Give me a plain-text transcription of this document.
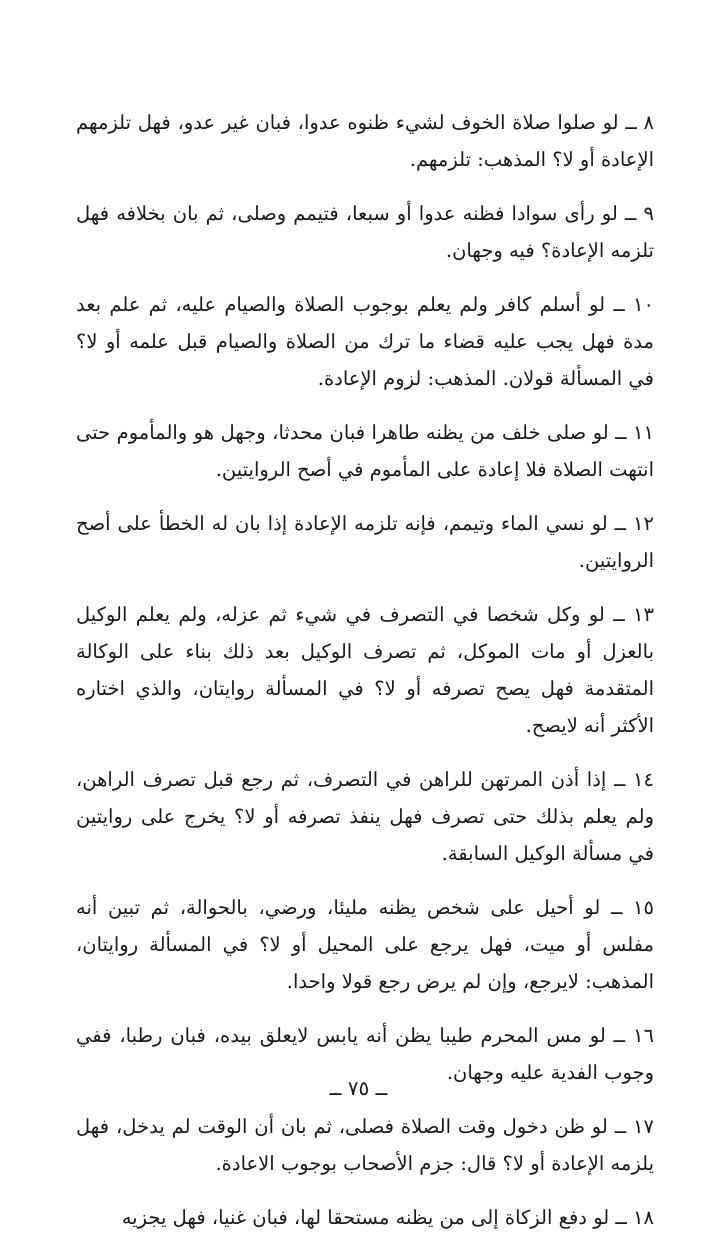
٨ ــ لو صلوا صلاة الخوف لشيء ظنوه عدوا، فبان غير عدو، فهل تلزمهم الإعادة أو لا؟ المذهب: تلزمهم.

٩ ــ لو رأى سوادا فظنه عدوا أو سبعا، فتيمم وصلى، ثم بان بخلافه فهل تلزمه الإعادة؟ فيه وجهان.

١٠ ــ لو أسلم كافر ولم يعلم بوجوب الصلاة والصيام عليه، ثم علم بعد مدة فهل يجب عليه قضاء ما ترك من الصلاة والصيام قبل علمه أو لا؟ في المسألة قولان. المذهب: لزوم الإعادة.

١١ ــ لو صلى خلف من يظنه طاهرا فبان محدثا، وجهل هو والمأموم حتى انتهت الصلاة فلا إعادة على المأموم في أصح الروايتين.

١٢ ــ لو نسي الماء وتيمم، فإنه تلزمه الإعادة إذا بان له الخطأ على أصح الروايتين.

١٣ ــ لو وكل شخصا في التصرف في شيء ثم عزله، ولم يعلم الوكيل بالعزل أو مات الموكل، ثم تصرف الوكيل بعد ذلك بناء على الوكالة المتقدمة فهل يصح تصرفه أو لا؟ في المسألة روايتان، والذي اختاره الأكثر أنه لايصح.

١٤ ــ إذا أذن المرتهن للراهن في التصرف، ثم رجع قبل تصرف الراهن، ولم يعلم بذلك حتى تصرف فهل ينفذ تصرفه أو لا؟ يخرج على روايتين في مسألة الوكيل السابقة.

١٥ ــ لو أحيل على شخص يظنه مليئا، ورضي، بالحوالة، ثم تبين أنه مفلس أو ميت، فهل يرجع على المحيل أو لا؟ في المسألة روايتان، المذهب: لايرجع، وإن لم يرض رجع قولا واحدا.

١٦ ــ لو مس المحرم طيبا يظن أنه يابس لايعلق بيده، فبان رطبا، ففي وجوب الفدية عليه وجهان.

١٧ ــ لو ظن دخول وقت الصلاة فصلى، ثم بان أن الوقت لم يدخل، فهل يلزمه الإعادة أو لا؟ قال: جزم الأصحاب بوجوب الاعادة.

١٨ ــ لو دفع الزكاة إلى من يظنه مستحقا لها، فبان غنيا، فهل يجزيه

ــ ٧٥ ــ
